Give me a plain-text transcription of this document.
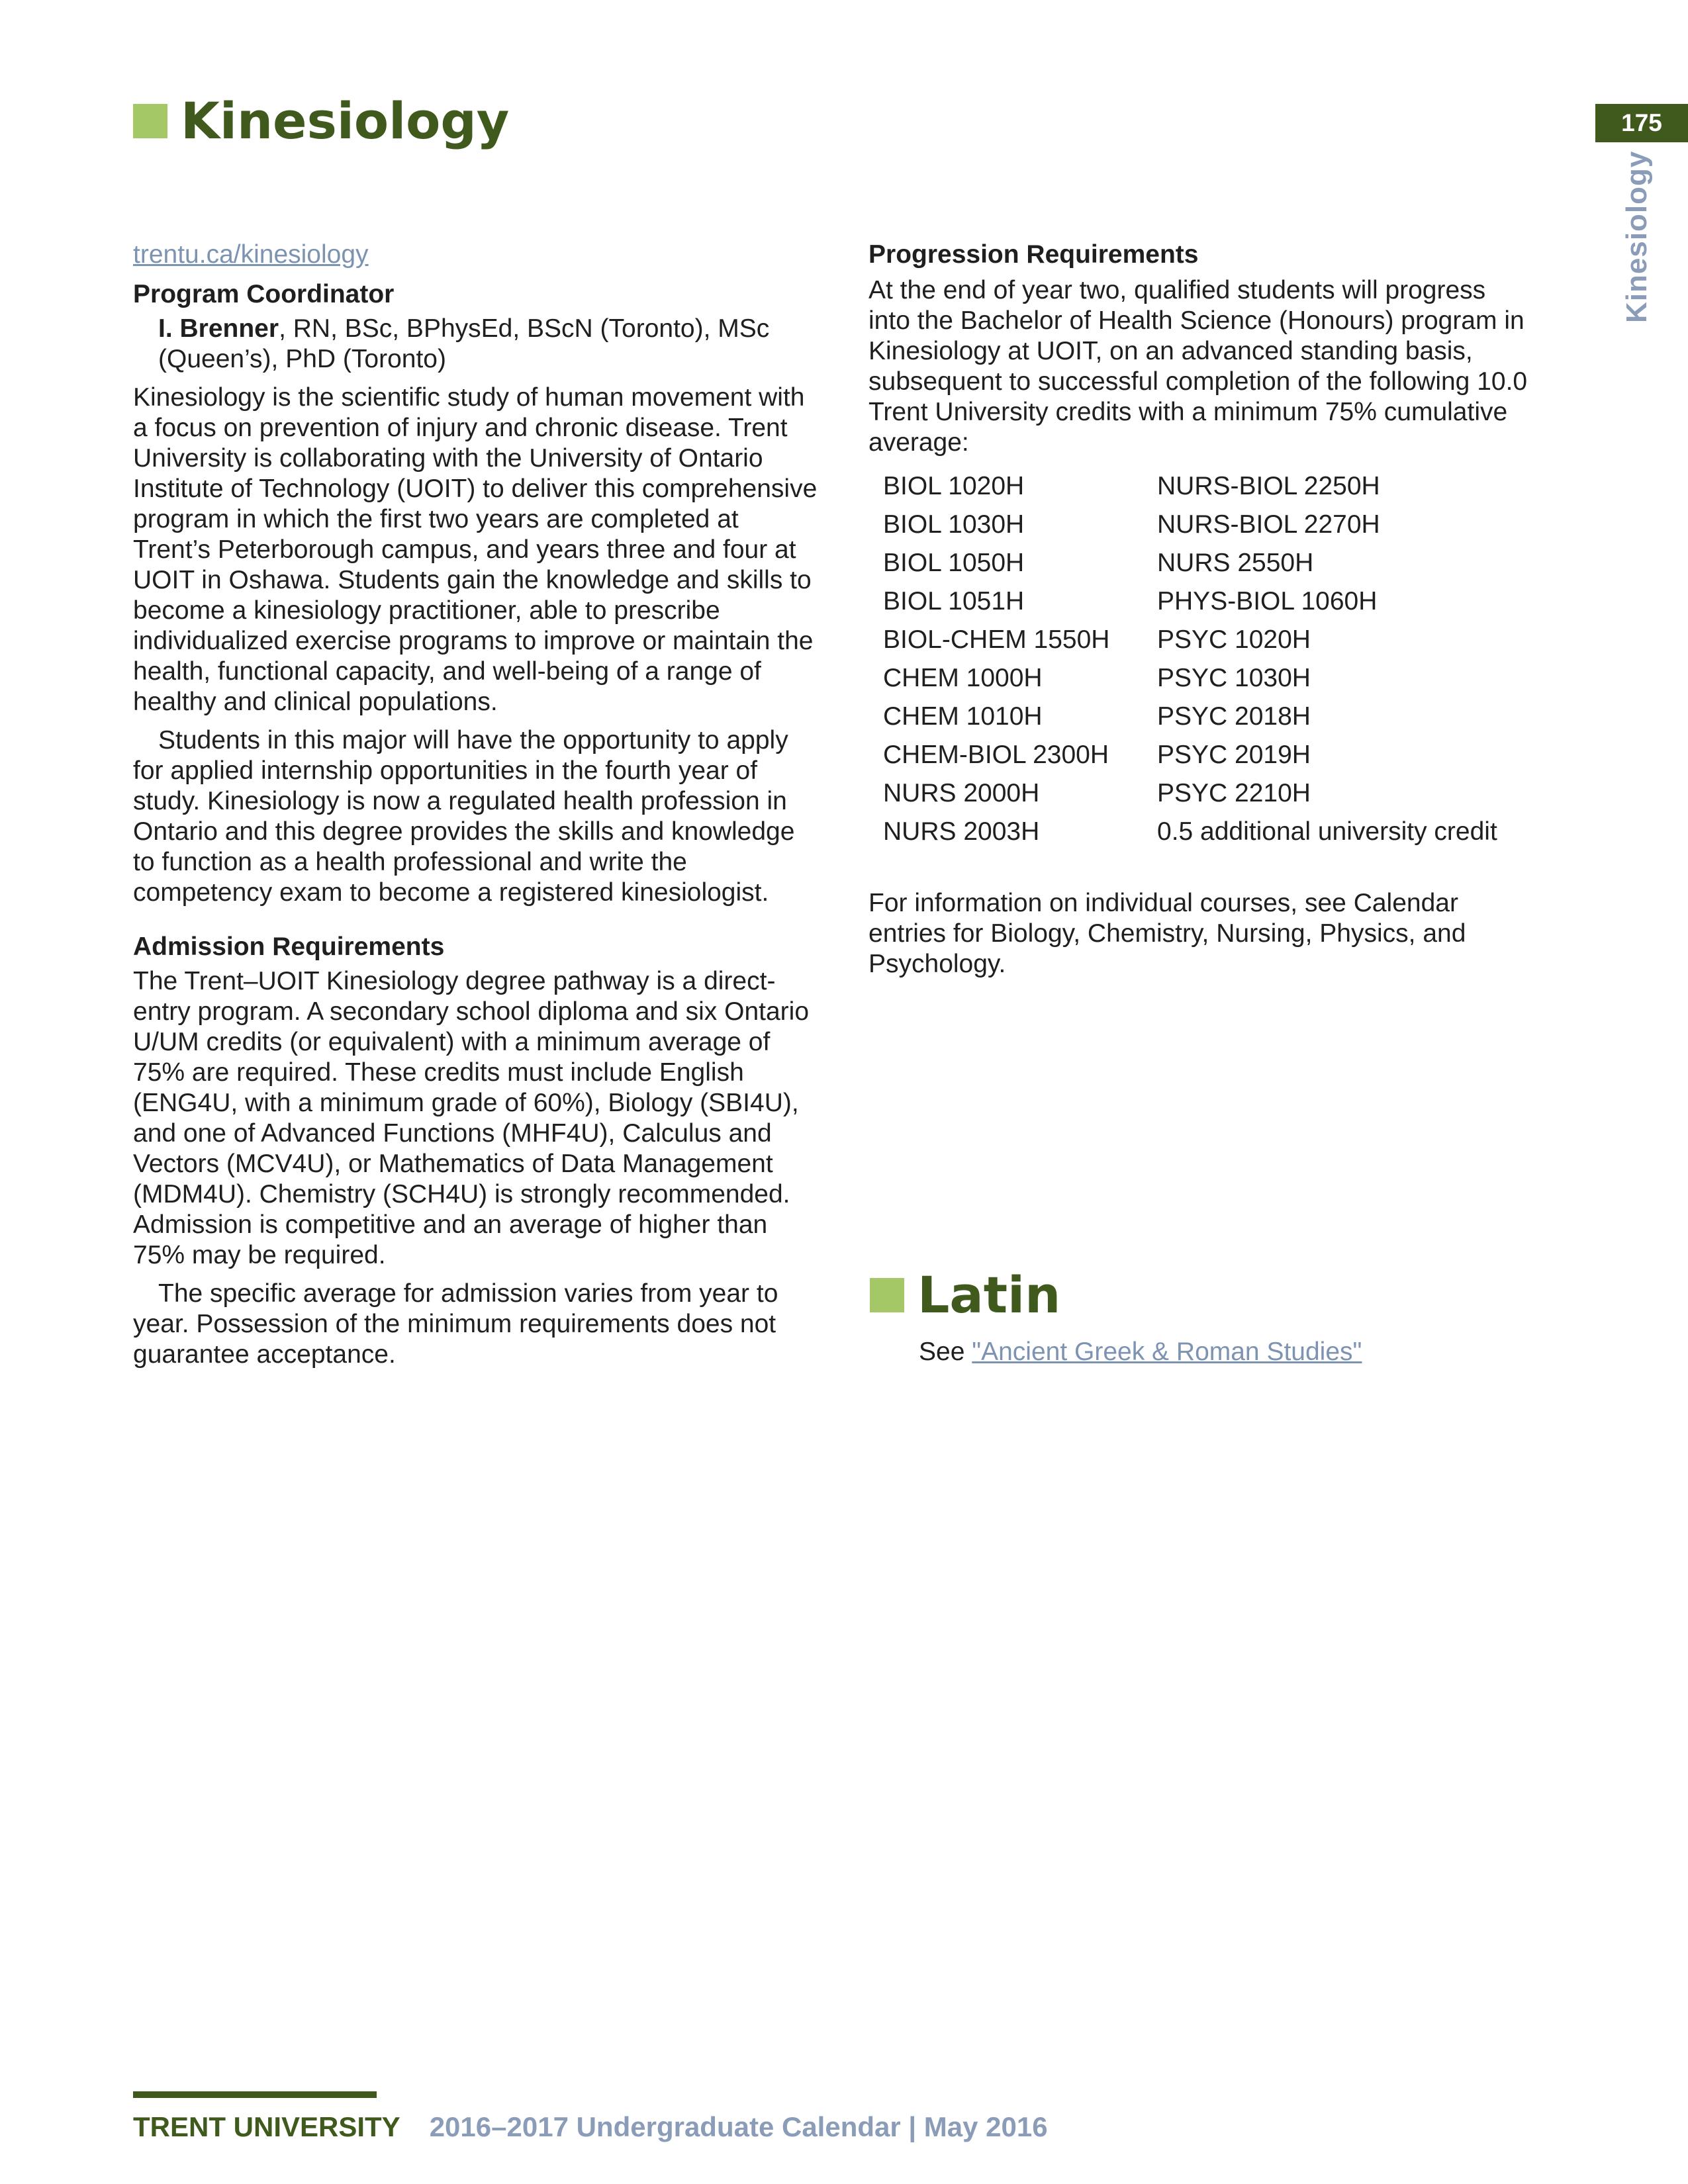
Kinesiology	175
Kinesiology

trentu.ca/kinesiology

Program Coordinator

I. Brenner, RN, BSc, BPhysEd, BScN (Toronto), MSc (Queen’s), PhD (Toronto)

Kinesiology is the scientific study of human movement with a focus on prevention of injury and chronic disease. Trent University is collaborating with the University of Ontario Institute of Technology (UOIT) to deliver this comprehensive program in which the first two years are completed at Trent’s Peterborough campus, and years three and four at UOIT in Oshawa. Students gain the knowledge and skills to become a kinesiology practitioner, able to prescribe individualized exercise programs to improve or maintain the health, functional capacity, and well-being of a range of healthy and clinical populations.

Students in this major will have the opportunity to apply for applied internship opportunities in the fourth year of study. Kinesiology is now a regulated health profession in Ontario and this degree provides the skills and knowledge to function as a health professional and write the competency exam to become a registered kinesiologist.

Admission Requirements

The Trent–UOIT Kinesiology degree pathway is a direct-entry program. A secondary school diploma and six Ontario U/UM credits (or equivalent) with a minimum average of 75% are required. These credits must include English (ENG4U, with a minimum grade of 60%), Biology (SBI4U), and one of Advanced Functions (MHF4U), Calculus and Vectors (MCV4U), or Mathematics of Data Management (MDM4U). Chemistry (SCH4U) is strongly recommended. Admission is competitive and an average of higher than 75% may be required.

The specific average for admission varies from year to year. Possession of the minimum requirements does not guarantee acceptance.

Progression Requirements

At the end of year two, qualified students will progress into the Bachelor of Health Science (Honours) program in Kinesiology at UOIT, on an advanced standing basis, subsequent to successful completion of the following 10.0 Trent University credits with a minimum 75% cumulative average:

BIOL 1020H	NURS-BIOL 2250H
BIOL 1030H	NURS-BIOL 2270H
BIOL 1050H	NURS 2550H
BIOL 1051H	PHYS-BIOL 1060H
BIOL-CHEM 1550H	PSYC 1020H
CHEM 1000H	PSYC 1030H
CHEM 1010H	PSYC 2018H
CHEM-BIOL 2300H	PSYC 2019H
NURS 2000H	PSYC 2210H
NURS 2003H	0.5 additional university credit

For information on individual courses, see Calendar entries for Biology, Chemistry, Nursing, Physics, and Psychology.

Latin
See "Ancient Greek & Roman Studies"
TRENT UNIVERSITY 2016–2017 Undergraduate Calendar | May 2016
